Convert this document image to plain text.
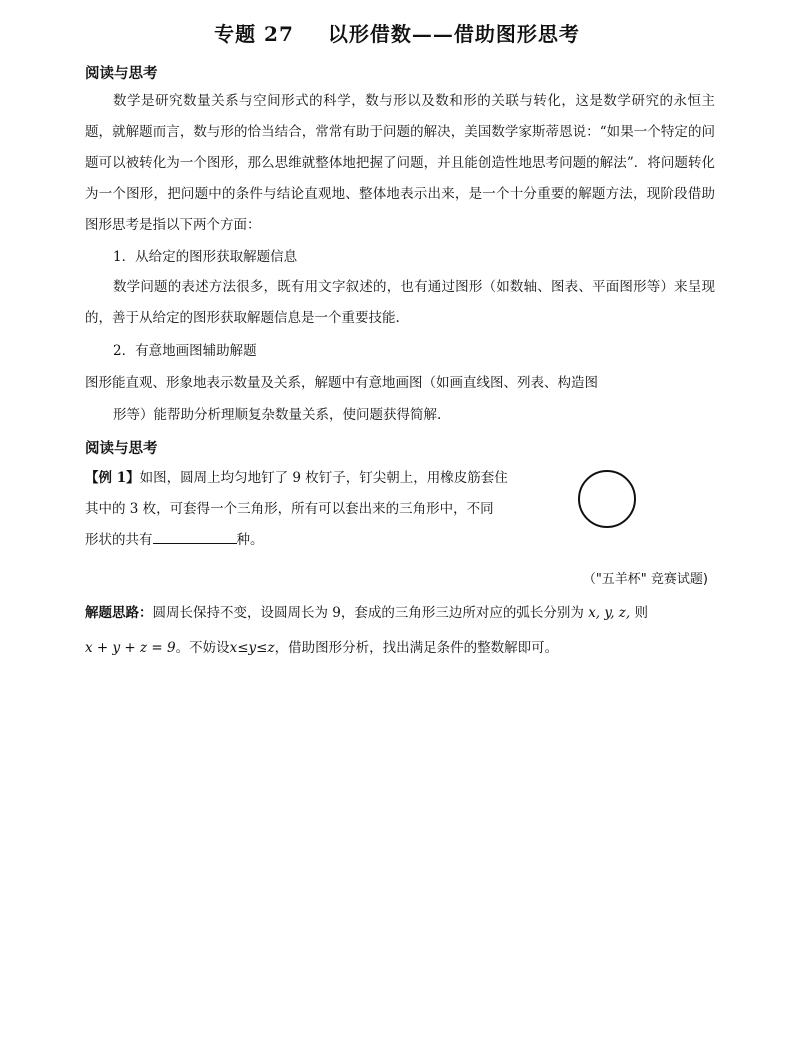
专题 27 以形借数——借助图形思考
阅读与思考
数学是研究数量关系与空间形式的科学，数与形以及数和形的关联与转化，这是数学研究的永恒主题，就解题而言，数与形的恰当结合，常常有助于问题的解决，美国数学家斯蒂恩说：“如果一个特定的问题可以被转化为一个图形，那么思维就整体地把握了问题，并且能创造性地思考问题的解法”．将问题转化为一个图形，把问题中的条件与结论直观地、整体地表示出来，是一个十分重要的解题方法，现阶段借助图形思考是指以下两个方面：
1．从给定的图形获取解题信息
数学问题的表述方法很多，既有用文字叙述的，也有通过图形（如数轴、图表、平面图形等）来呈现的，善于从给定的图形获取解题信息是一个重要技能.
2．有意地画图辅助解题
图形能直观、形象地表示数量及关系，解题中有意地画图（如画直线图、列表、构造图
形等）能帮助分析理顺复杂数量关系，使问题获得简解.
阅读与思考
【例 1】如图，圆周上均匀地钉了 9 枚钉子，钉尖朝上，用橡皮筋套住
其中的 3 枚，可套得一个三角形，所有可以套出来的三角形中，不同
形状的共有	种。
（"五羊杯" 竞赛试题)
解题思路：圆周长保持不变，设圆周长为 9，套成的三角形三边所对应的弧长分别为 x, y, z, 则
x + y + z = 9。不妨设x≤y≤z，借助图形分析，找出满足条件的整数解即可。
